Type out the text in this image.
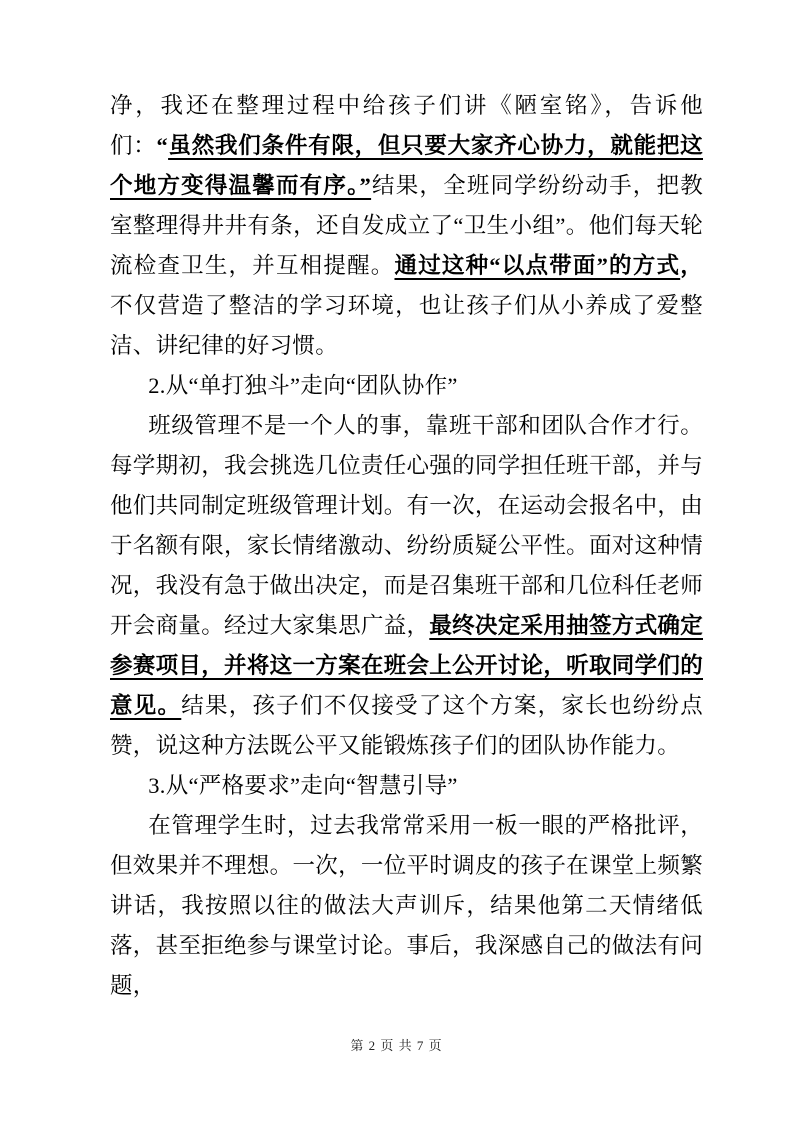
净，我还在整理过程中给孩子们讲《陋室铭》，告诉他们：“虽然我们条件有限，但只要大家齐心协力，就能把这个地方变得温馨而有序。”结果，全班同学纷纷动手，把教室整理得井井有条，还自发成立了“卫生小组”。他们每天轮流检查卫生，并互相提醒。通过这种“以点带面”的方式，不仅营造了整洁的学习环境，也让孩子们从小养成了爱整洁、讲纪律的好习惯。

2.从“单打独斗”走向“团队协作”

班级管理不是一个人的事，靠班干部和团队合作才行。每学期初，我会挑选几位责任心强的同学担任班干部，并与他们共同制定班级管理计划。有一次，在运动会报名中，由于名额有限，家长情绪激动、纷纷质疑公平性。面对这种情况，我没有急于做出决定，而是召集班干部和几位科任老师开会商量。经过大家集思广益，最终决定采用抽签方式确定参赛项目，并将这一方案在班会上公开讨论，听取同学们的意见。结果，孩子们不仅接受了这个方案，家长也纷纷点赞，说这种方法既公平又能锻炼孩子们的团队协作能力。

3.从“严格要求”走向“智慧引导”

在管理学生时，过去我常常采用一板一眼的严格批评，但效果并不理想。一次，一位平时调皮的孩子在课堂上频繁讲话，我按照以往的做法大声训斥，结果他第二天情绪低落，甚至拒绝参与课堂讨论。事后，我深感自己的做法有问题，

第 2 页 共 7 页
